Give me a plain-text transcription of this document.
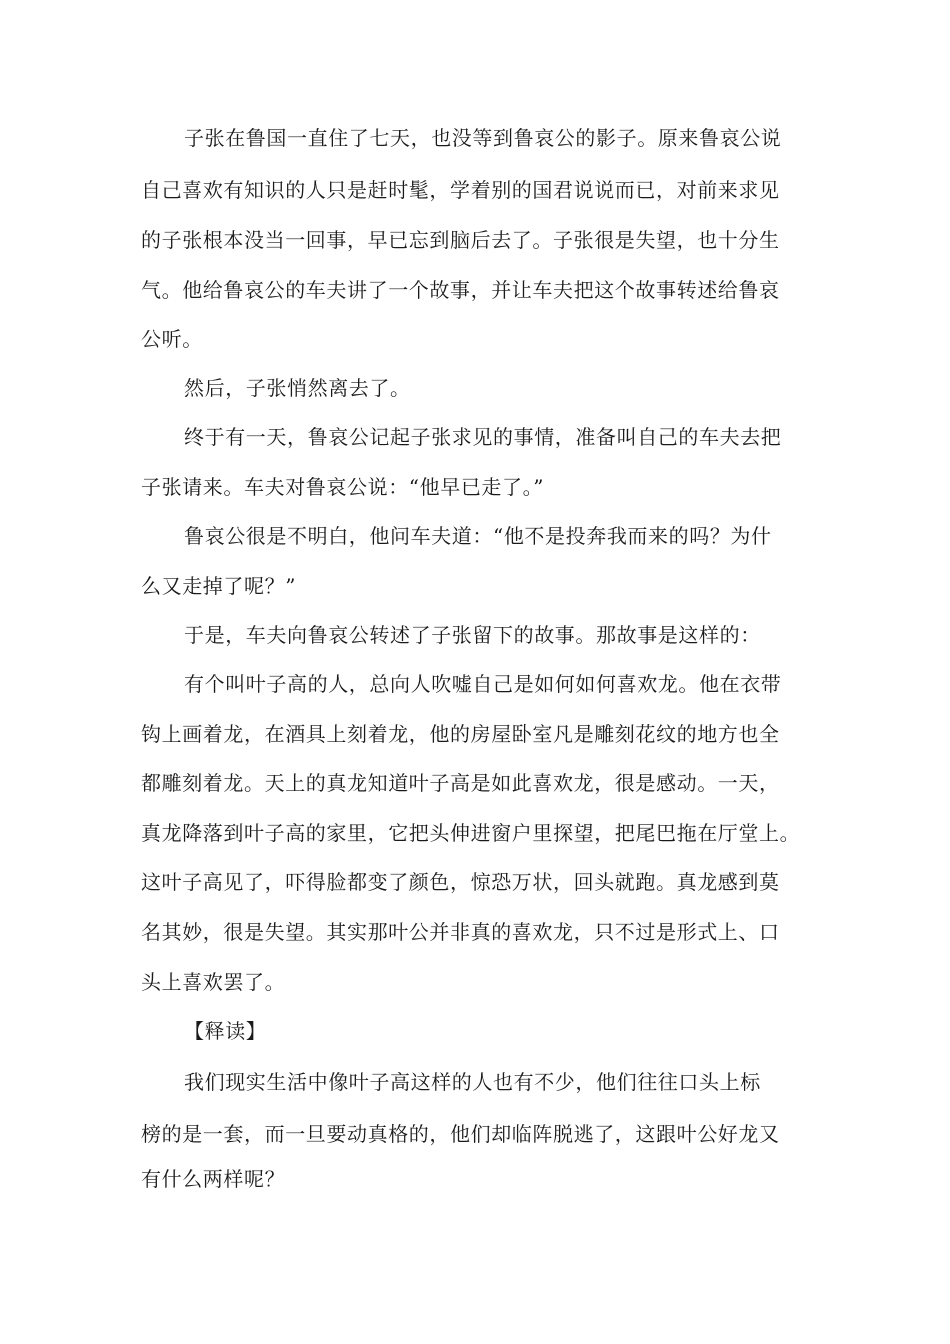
子张在鲁国一直住了七天，也没等到鲁哀公的影子。原来鲁哀公说

自己喜欢有知识的人只是赶时髦，学着别的国君说说而已，对前来求见

的子张根本没当一回事，早已忘到脑后去了。子张很是失望，也十分生

气。他给鲁哀公的车夫讲了一个故事，并让车夫把这个故事转述给鲁哀

公听。

然后，子张悄然离去了。

终于有一天，鲁哀公记起子张求见的事情，准备叫自己的车夫去把

子张请来。车夫对鲁哀公说：“他早已走了。”

鲁哀公很是不明白，他问车夫道：“他不是投奔我而来的吗？为什

么又走掉了呢？”

于是，车夫向鲁哀公转述了子张留下的故事。那故事是这样的：

有个叫叶子高的人，总向人吹嘘自己是如何如何喜欢龙。他在衣带

钩上画着龙，在酒具上刻着龙，他的房屋卧室凡是雕刻花纹的地方也全

都雕刻着龙。天上的真龙知道叶子高是如此喜欢龙，很是感动。一天，

真龙降落到叶子高的家里，它把头伸进窗户里探望，把尾巴拖在厅堂上。

这叶子高见了，吓得脸都变了颜色，惊恐万状，回头就跑。真龙感到莫

名其妙，很是失望。其实那叶公并非真的喜欢龙，只不过是形式上、口

头上喜欢罢了。

【释读】

我们现实生活中像叶子高这样的人也有不少，他们往往口头上标

榜的是一套，而一旦要动真格的，他们却临阵脱逃了，这跟叶公好龙又

有什么两样呢？
